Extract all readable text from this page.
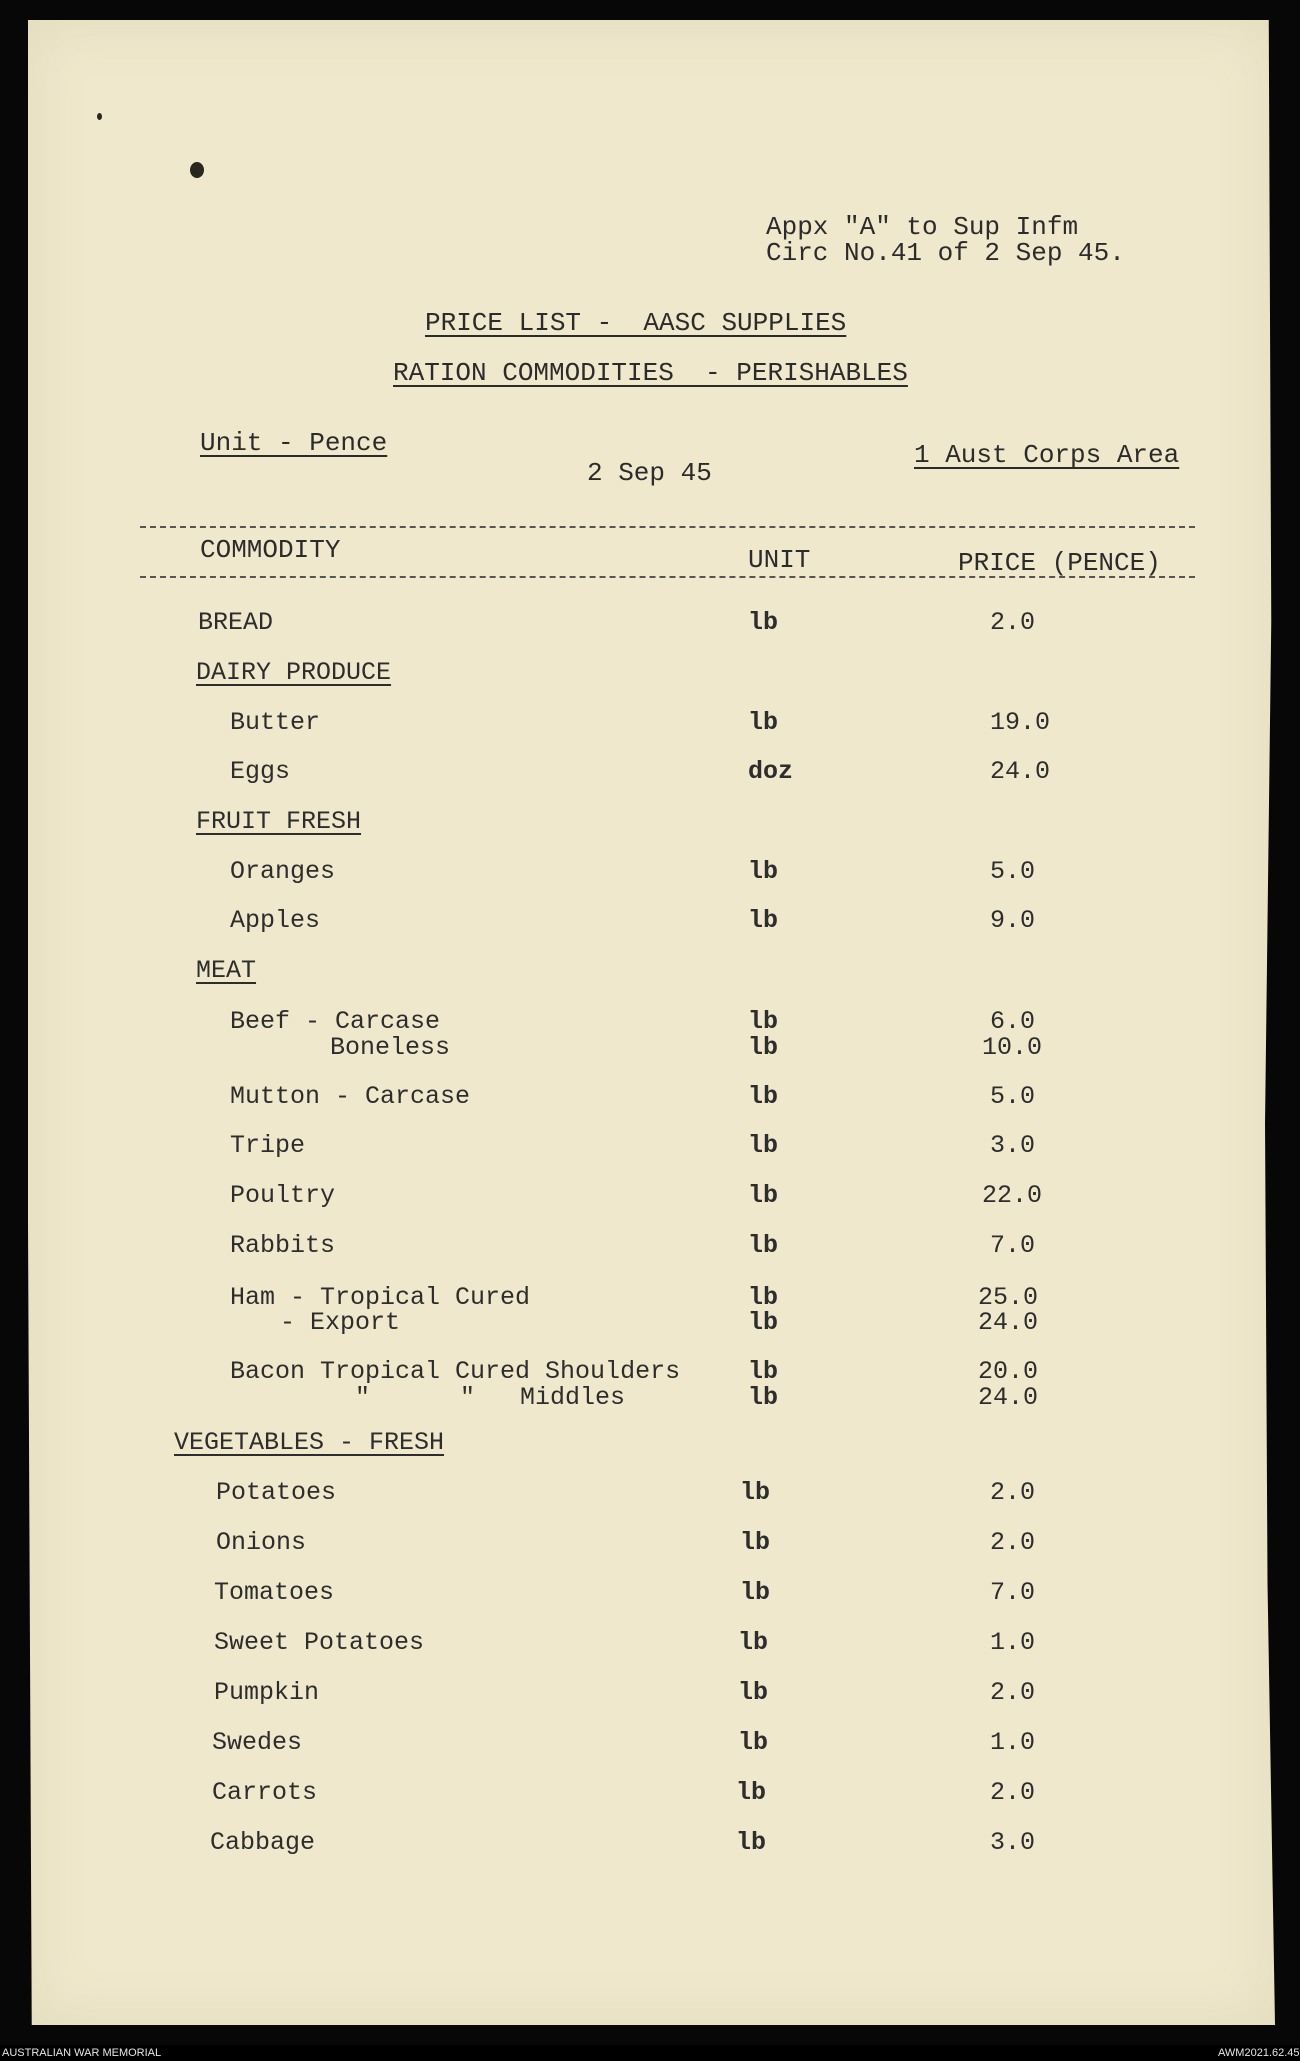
Appx "A" to Sup Infm
Circ No.41 of 2 Sep 45.
PRICE LIST -  AASC SUPPLIES
RATION COMMODITIES  - PERISHABLES
Unit - Pence
2 Sep 45
1 Aust Corps Area
COMMODITY	UNIT	PRICE (PENCE)
BREAD	lb	2.0
DAIRY PRODUCE
Butter	lb	19.0
Eggs	doz	24.0
FRUIT FRESH
Oranges	lb	5.0
Apples	lb	9.0
MEAT
Beef - Carcase	lb	6.0
Boneless	lb	10.0
Mutton - Carcase	lb	5.0
Tripe	lb	3.0
Poultry	lb	22.0
Rabbits	lb	7.0
Ham - Tropical Cured	lb	25.0
- Export	lb	24.0
Bacon Tropical Cured Shoulders	lb	20.0
"      "   Middles	lb	24.0
VEGETABLES - FRESH
Potatoes	lb	2.0
Onions	lb	2.0
Tomatoes	lb	7.0
Sweet Potatoes	lb	1.0
Pumpkin	lb	2.0
Swedes	lb	1.0
Carrots	lb	2.0
Cabbage	lb	3.0
AUSTRALIAN WAR MEMORIAL	AWM2021.62.45
